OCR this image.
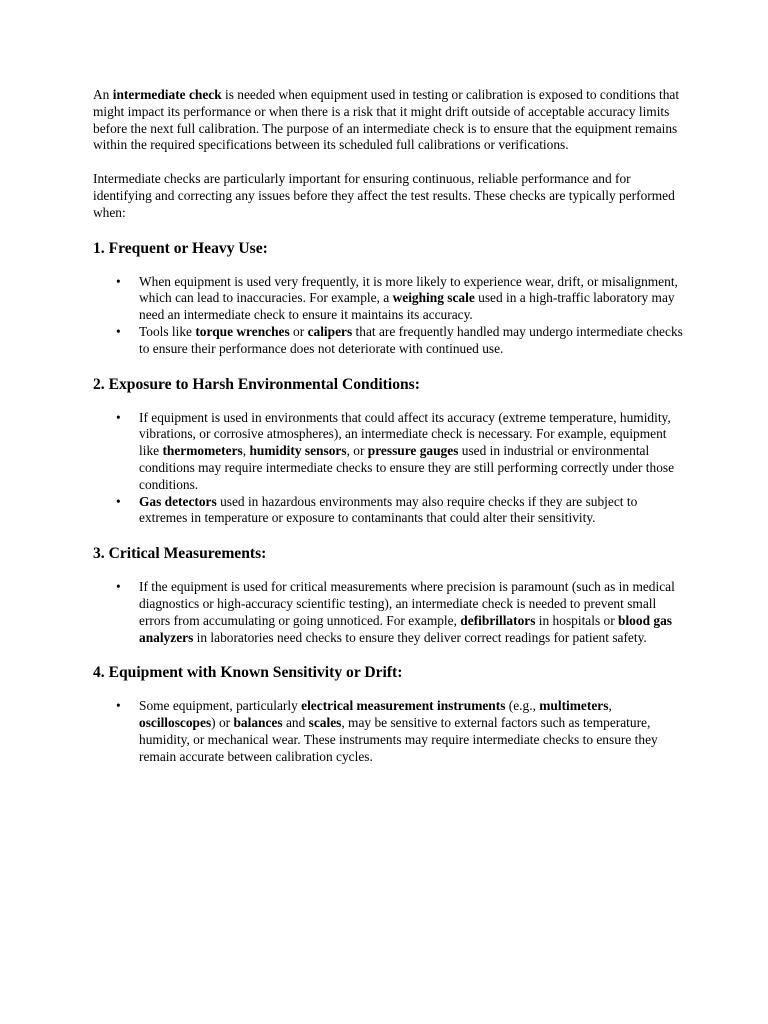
An intermediate check is needed when equipment used in testing or calibration is exposed to conditions that might impact its performance or when there is a risk that it might drift outside of acceptable accuracy limits before the next full calibration. The purpose of an intermediate check is to ensure that the equipment remains within the required specifications between its scheduled full calibrations or verifications.

Intermediate checks are particularly important for ensuring continuous, reliable performance and for identifying and correcting any issues before they affect the test results. These checks are typically performed when:

1. Frequent or Heavy Use:
• When equipment is used very frequently, it is more likely to experience wear, drift, or misalignment, which can lead to inaccuracies. For example, a weighing scale used in a high-traffic laboratory may need an intermediate check to ensure it maintains its accuracy.
• Tools like torque wrenches or calipers that are frequently handled may undergo intermediate checks to ensure their performance does not deteriorate with continued use.
2. Exposure to Harsh Environmental Conditions:
• If equipment is used in environments that could affect its accuracy (extreme temperature, humidity, vibrations, or corrosive atmospheres), an intermediate check is necessary. For example, equipment like thermometers, humidity sensors, or pressure gauges used in industrial or environmental conditions may require intermediate checks to ensure they are still performing correctly under those conditions.
• Gas detectors used in hazardous environments may also require checks if they are subject to extremes in temperature or exposure to contaminants that could alter their sensitivity.
3. Critical Measurements:
• If the equipment is used for critical measurements where precision is paramount (such as in medical diagnostics or high-accuracy scientific testing), an intermediate check is needed to prevent small errors from accumulating or going unnoticed. For example, defibrillators in hospitals or blood gas analyzers in laboratories need checks to ensure they deliver correct readings for patient safety.
4. Equipment with Known Sensitivity or Drift:
• Some equipment, particularly electrical measurement instruments (e.g., multimeters, oscilloscopes) or balances and scales, may be sensitive to external factors such as temperature, humidity, or mechanical wear. These instruments may require intermediate checks to ensure they remain accurate between calibration cycles.
